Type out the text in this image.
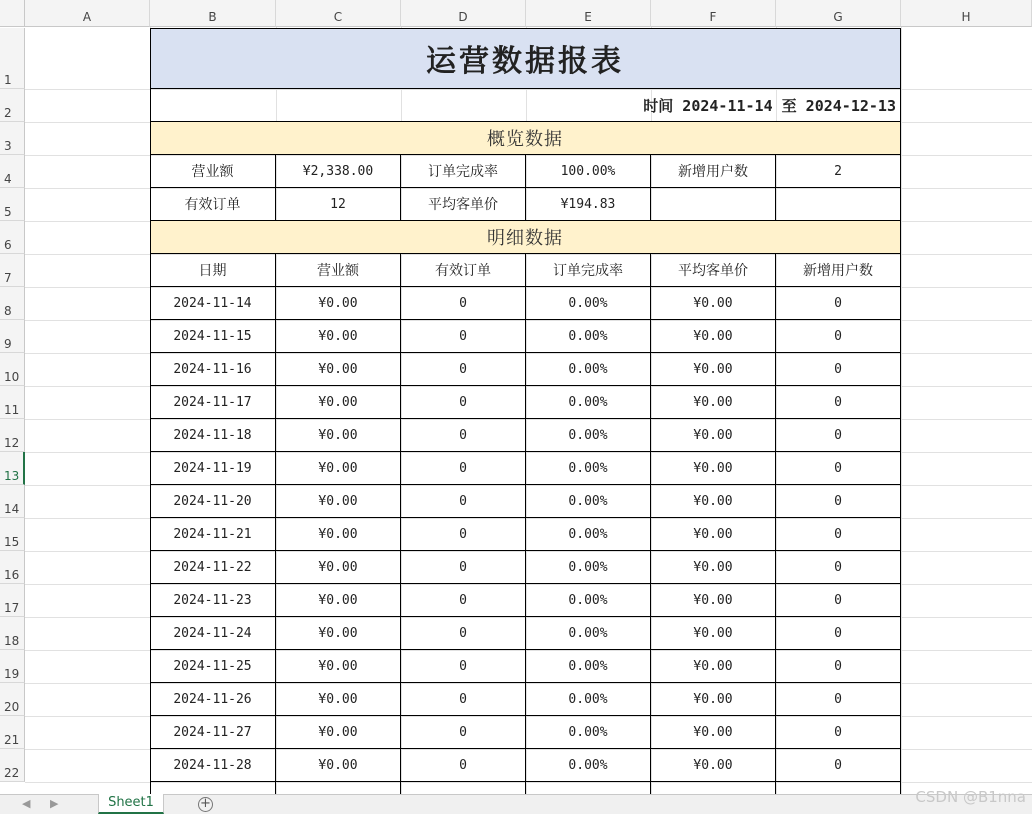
A	B	C	D	E	F	G	H
1
2
3
4
5
6
7
8
9
10
11
12
13
14
15
16
17
18
19
20
21
22
运营数据报表
时间 2024-11-14 至 2024-12-13
概览数据
营业额	¥2,338.00	订单完成率	100.00%	新增用户数	2
有效订单	12	平均客单价	¥194.83
明细数据
日期	营业额	有效订单	订单完成率	平均客单价	新增用户数
2024-11-14	¥0.00	0	0.00%	¥0.00	0
2024-11-15	¥0.00	0	0.00%	¥0.00	0
2024-11-16	¥0.00	0	0.00%	¥0.00	0
2024-11-17	¥0.00	0	0.00%	¥0.00	0
2024-11-18	¥0.00	0	0.00%	¥0.00	0
2024-11-19	¥0.00	0	0.00%	¥0.00	0
2024-11-20	¥0.00	0	0.00%	¥0.00	0
2024-11-21	¥0.00	0	0.00%	¥0.00	0
2024-11-22	¥0.00	0	0.00%	¥0.00	0
2024-11-23	¥0.00	0	0.00%	¥0.00	0
2024-11-24	¥0.00	0	0.00%	¥0.00	0
2024-11-25	¥0.00	0	0.00%	¥0.00	0
2024-11-26	¥0.00	0	0.00%	¥0.00	0
2024-11-27	¥0.00	0	0.00%	¥0.00	0
2024-11-28	¥0.00	0	0.00%	¥0.00	0
◀ ▶	Sheet1	+	CSDN @B1nna
